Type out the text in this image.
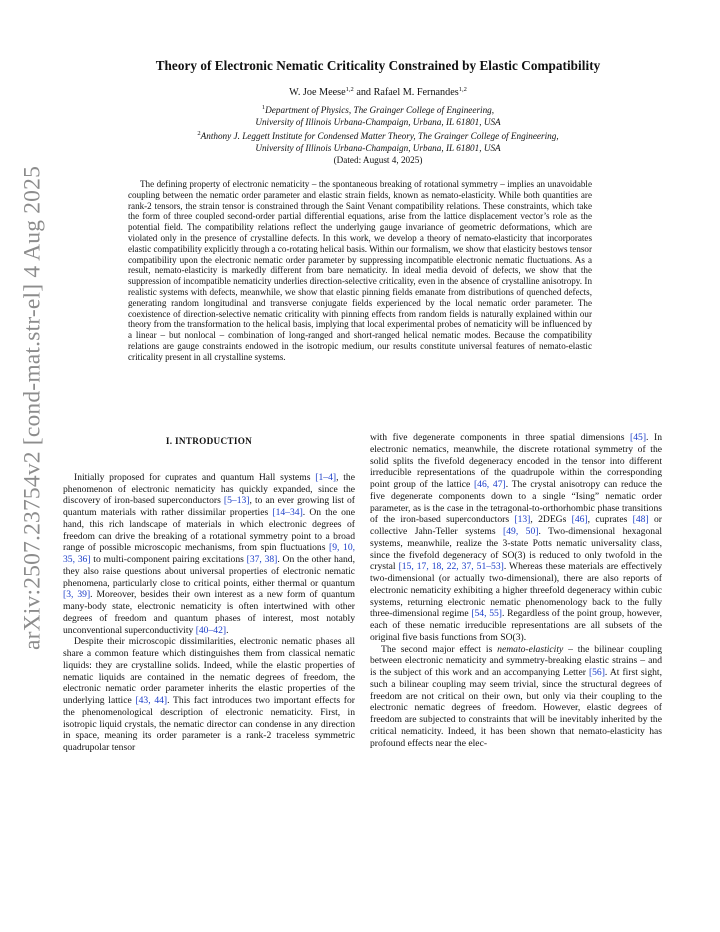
arXiv:2507.23754v2 [cond-mat.str-el] 4 Aug 2025
Theory of Electronic Nematic Criticality Constrained by Elastic Compatibility
W. Joe Meese$^{1,2}$ and Rafael M. Fernandes$^{1,2}$
$^1$Department of Physics, The Grainger College of Engineering,
University of Illinois Urbana-Champaign, Urbana, IL 61801, USA
$^2$Anthony J. Leggett Institute for Condensed Matter Theory, The Grainger College of Engineering,
University of Illinois Urbana-Champaign, Urbana, IL 61801, USA
(Dated: August 4, 2025)

The defining property of electronic nematicity – the spontaneous breaking of rotational symmetry – implies an unavoidable coupling between the nematic order parameter and elastic strain fields, known as nemato-elasticity. While both quantities are rank-2 tensors, the strain tensor is constrained through the Saint Venant compatibility relations. These constraints, which take the form of three coupled second-order partial differential equations, arise from the lattice displacement vector’s role as the potential field. The compatibility relations reflect the underlying gauge invariance of geometric deformations, which are violated only in the presence of crystalline defects. In this work, we develop a theory of nemato-elasticity that incorporates elastic compatibility explicitly through a co-rotating helical basis. Within our formalism, we show that elasticity bestows tensor compatibility upon the electronic nematic order parameter by suppressing incompatible electronic nematic fluctuations. As a result, nemato-elasticity is markedly different from bare nematicity. In ideal media devoid of defects, we show that the suppression of incompatible nematicity underlies direction-selective criticality, even in the absence of crystalline anisotropy. In realistic systems with defects, meanwhile, we show that elastic pinning fields emanate from distributions of quenched defects, generating random longitudinal and transverse conjugate fields experienced by the local nematic order parameter. The coexistence of direction-selective nematic criticality with pinning effects from random fields is naturally explained within our theory from the transformation to the helical basis, implying that local experimental probes of nematicity will be influenced by a linear – but nonlocal – combination of long-ranged and short-ranged helical nematic modes. Because the compatibility relations are gauge constraints endowed in the isotropic medium, our results constitute universal features of nemato-elastic criticality present in all crystalline systems.

I. INTRODUCTION

Initially proposed for cuprates and quantum Hall systems [1–4], the phenomenon of electronic nematicity has quickly expanded, since the discovery of iron-based superconductors [5–13], to an ever growing list of quantum materials with rather dissimilar properties [14–34]. On the one hand, this rich landscape of materials in which electronic degrees of freedom can drive the breaking of a rotational symmetry point to a broad range of possible microscopic mechanisms, from spin fluctuations [9, 10, 35, 36] to multi-component pairing excitations [37, 38]. On the other hand, they also raise questions about universal properties of electronic nematic phenomena, particularly close to critical points, either thermal or quantum [3, 39]. Moreover, besides their own interest as a new form of quantum many-body state, electronic nematicity is often intertwined with other degrees of freedom and quantum phases of interest, most notably unconventional superconductivity [40–42].

Despite their microscopic dissimilarities, electronic nematic phases all share a common feature which distinguishes them from classical nematic liquids: they are crystalline solids. Indeed, while the elastic properties of nematic liquids are contained in the nematic degrees of freedom, the electronic nematic order parameter inherits the elastic properties of the underlying lattice [43, 44]. This fact introduces two important effects for the phenomenological description of electronic nematicity. First, in isotropic liquid crystals, the nematic director can condense in any direction in space, meaning its order parameter is a rank-2 traceless symmetric quadrupolar tensor

with five degenerate components in three spatial dimensions [45]. In electronic nematics, meanwhile, the discrete rotational symmetry of the solid splits the fivefold degeneracy encoded in the tensor into different irreducible representations of the quadrupole within the corresponding point group of the lattice [46, 47]. The crystal anisotropy can reduce the five degenerate components down to a single “Ising” nematic order parameter, as is the case in the tetragonal-to-orthorhombic phase transitions of the iron-based superconductors [13], 2DEGs [46], cuprates [48] or collective Jahn-Teller systems [49, 50]. Two-dimensional hexagonal systems, meanwhile, realize the 3-state Potts nematic universality class, since the fivefold degeneracy of SO(3) is reduced to only twofold in the crystal [15, 17, 18, 22, 37, 51–53]. Whereas these materials are effectively two-dimensional (or actually two-dimensional), there are also reports of electronic nematicity exhibiting a higher threefold degeneracy within cubic systems, returning electronic nematic phenomenology back to the fully three-dimensional regime [54, 55]. Regardless of the point group, however, each of these nematic irreducible representations are all subsets of the original five basis functions from SO(3).

The second major effect is nemato-elasticity – the bilinear coupling between electronic nematicity and symmetry-breaking elastic strains – and is the subject of this work and an accompanying Letter [56]. At first sight, such a bilinear coupling may seem trivial, since the structural degrees of freedom are not critical on their own, but only via their coupling to the electronic nematic degrees of freedom. However, elastic degrees of freedom are subjected to constraints that will be inevitably inherited by the critical nematicity. Indeed, it has been shown that nemato-elasticity has profound effects near the elec-
